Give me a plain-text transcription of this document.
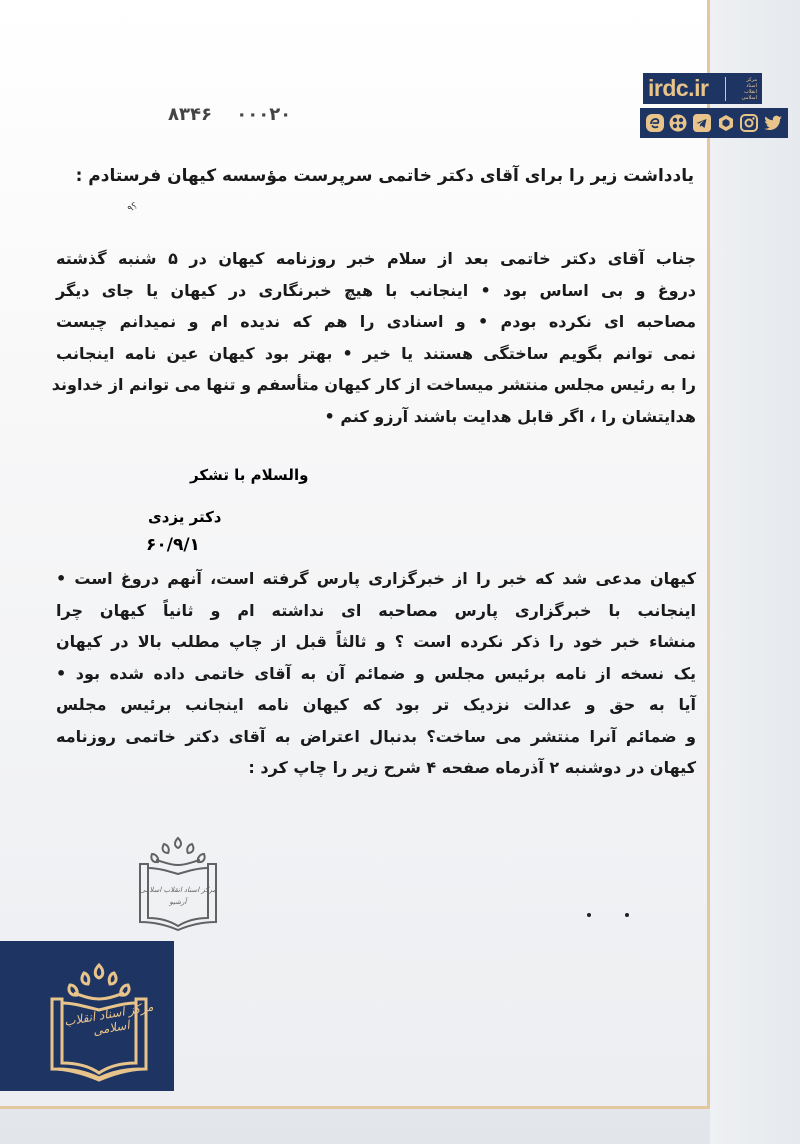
irdc.ir	مرکز
اسناد
انقلاب
اسلامی
۸۳۴۶ ۰۰۰۲۰
یادداشت زیر را برای آقای دکتر خاتمی سرپرست مؤسسه کیهان فرستادم :
؟۹
جناب آقای دکتر خاتمی بعد از سلام خبر روزنامه کیهان در ۵ شنبه گذشته
دروغ و بی اساس بود • اینجانب با هیچ خبرنگاری در کیهان یا جای دیگر
مصاحبه ای نکرده بودم • و اسنادی را هم که ندیده ام و نمیدانم چیست
نمی توانم بگویم ساختگی هستند یا خیر • بهتر بود کیهان عین نامه اینجانب
را به رئیس مجلس منتشر میساخت از کار کیهان متأسفم و تنها می توانم از خداوند
هدایتشان را ، اگر قابل هدایت باشند آرزو کنم •
والسلام با تشکر
دکتر یزدی
۶۰/۹/۱
کیهان مدعی شد که خبر را از خبرگزاری پارس گرفته است، آنهم دروغ است •
اینجانب با خبرگزاری پارس مصاحبه ای نداشته ام و ثانیاً کیهان چرا
منشاء خبر خود را ذکر نکرده است ؟ و ثالثاً قبل از چاپ مطلب بالا در کیهان
یک نسخه از نامه برئیس مجلس و ضمائم آن به آقای خاتمی داده شده بود •
آیا به حق و عدالت نزدیک تر بود که کیهان نامه اینجانب برئیس مجلس
و ضمائم آنرا منتشر می ساخت؟ بدنبال اعتراض به آقای دکتر خاتمی روزنامه
کیهان در دوشنبه ۲ آذرماه صفحه ۴ شرح زیر را چاپ کرد :
مرکز اسناد انقلاب اسلامی
آرشیو
مرکز اسناد انقلاب اسلامی
